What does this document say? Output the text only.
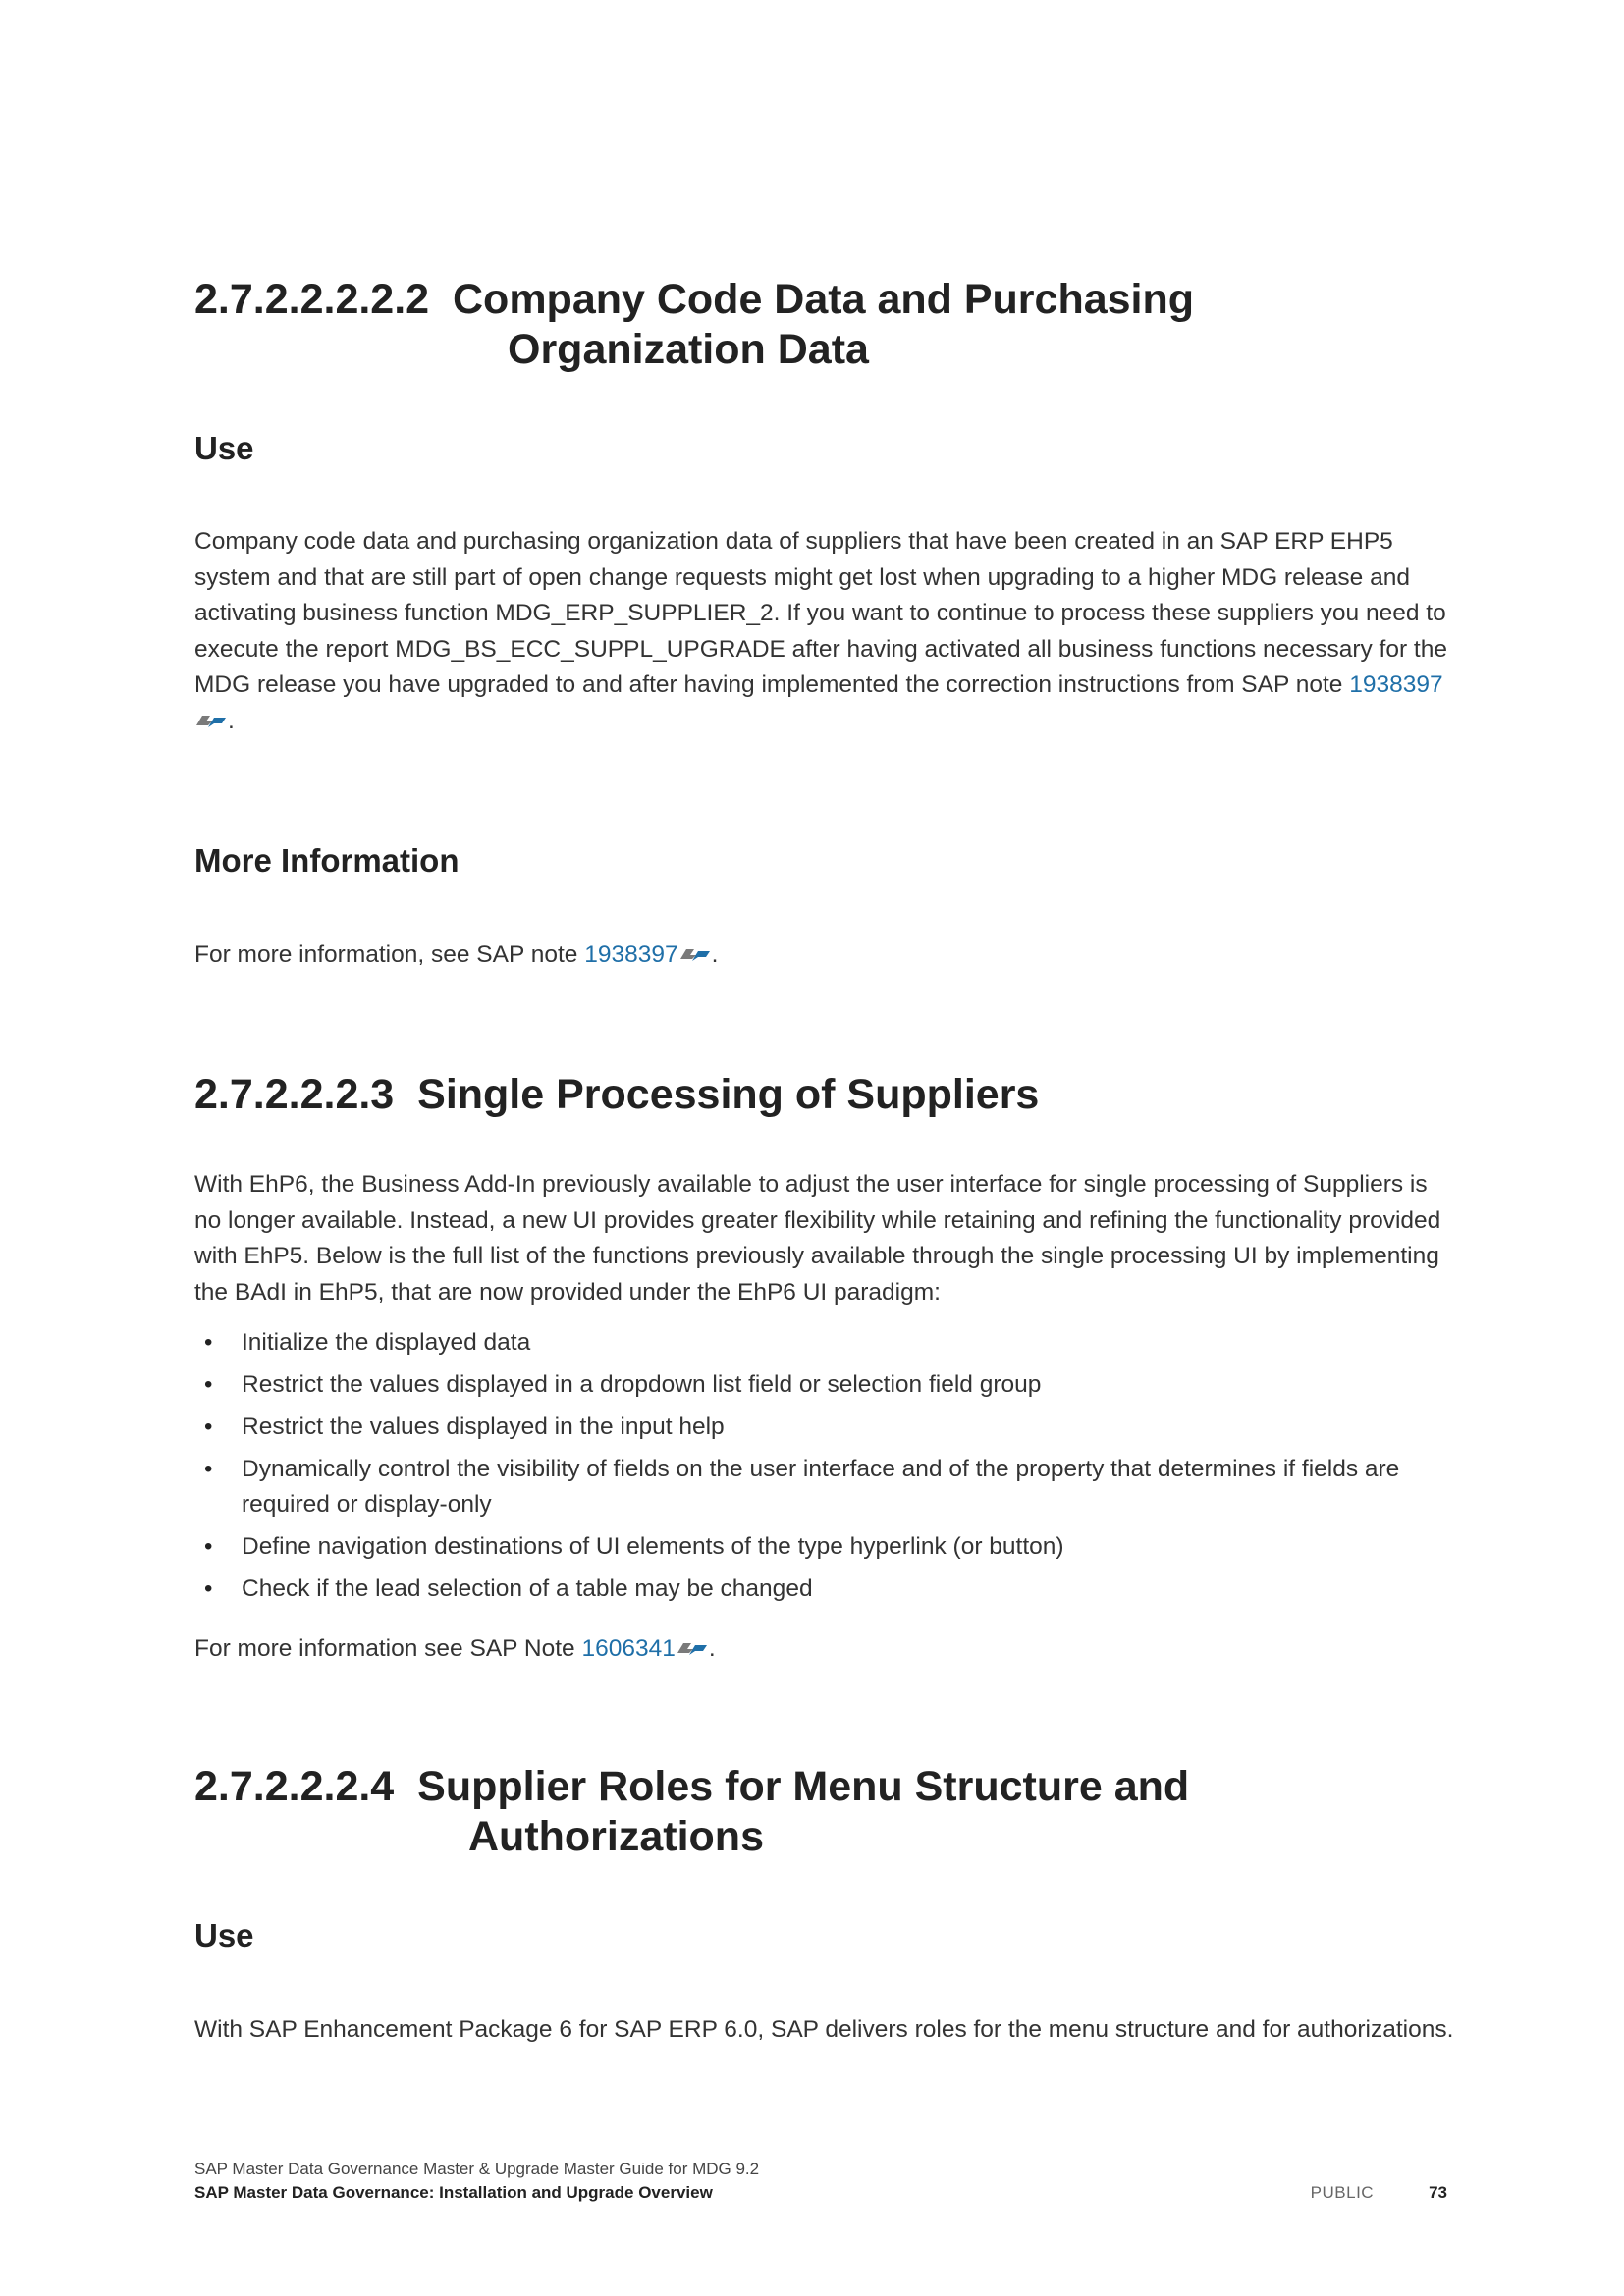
2.7.2.2.2.2.2 Company Code Data and Purchasing
Organization Data
Use

Company code data and purchasing organization data of suppliers that have been created in an SAP ERP EHP5 system and that are still part of open change requests might get lost when upgrading to a higher MDG release and activating business function MDG_ERP_SUPPLIER_2. If you want to continue to process these suppliers you need to execute the report MDG_BS_ECC_SUPPL_UPGRADE after having activated all business functions necessary for the MDG release you have upgraded to and after having implemented the correction instructions from SAP note 1938397.

More Information

For more information, see SAP note 1938397 .

2.7.2.2.2.3 Single Processing of Suppliers

With EhP6, the Business Add-In previously available to adjust the user interface for single processing of Suppliers is no longer available. Instead, a new UI provides greater flexibility while retaining and refining the functionality provided with EhP5. Below is the full list of the functions previously available through the single processing UI by implementing the BAdI in EhP5, that are now provided under the EhP6 UI paradigm:

• Initialize the displayed data
• Restrict the values displayed in a dropdown list field or selection field group
• Restrict the values displayed in the input help
• Dynamically control the visibility of fields on the user interface and of the property that determines if fields are required or display-only
• Define navigation destinations of UI elements of the type hyperlink (or button)
• Check if the lead selection of a table may be changed

For more information see SAP Note 1606341 .

2.7.2.2.2.4 Supplier Roles for Menu Structure and
Authorizations
Use

With SAP Enhancement Package 6 for SAP ERP 6.0, SAP delivers roles for the menu structure and for authorizations.

SAP Master Data Governance Master & Upgrade Master Guide for MDG 9.2
SAP Master Data Governance: Installation and Upgrade Overview	PUBLIC	73
